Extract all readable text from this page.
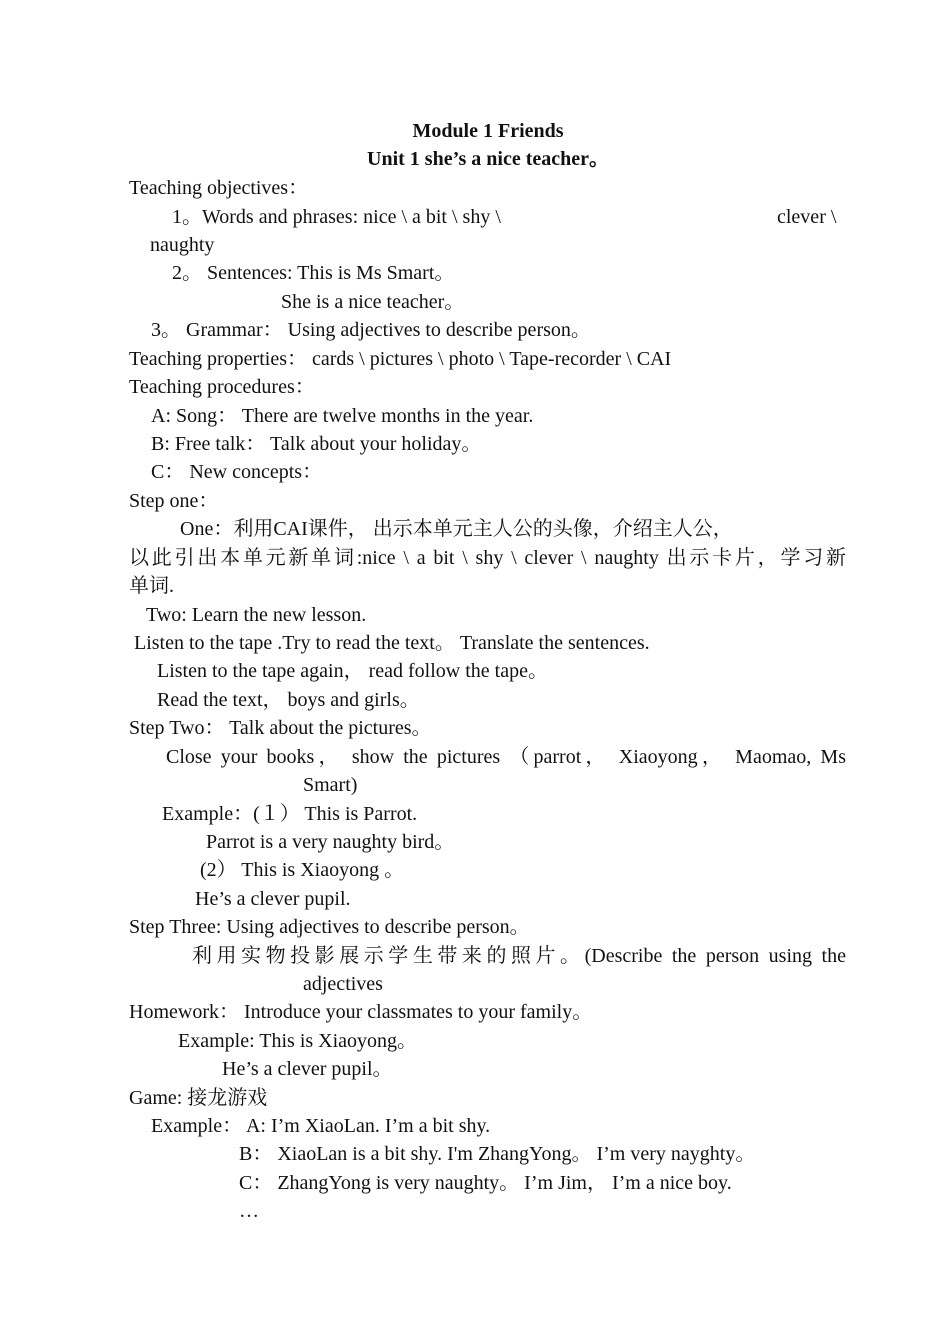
Module 1 Friends
Unit 1 she’s a nice teacher。
Teaching objectives：
1。Words and phrases: nice \ a bit \ shy \	clever \
naughty
2。 Sentences: This is Ms Smart。
She is a nice teacher。
3。 Grammar： Using adjectives to describe person。
Teaching properties： cards \ pictures \ photo \ Tape-recorder \ CAI
Teaching procedures：
A: Song： There are twelve months in the year.
B: Free talk： Talk about your holiday。
C： New concepts：
Step one：
One：利用CAI课件， 出示本单元主人公的头像，介绍主人公，
以此引出本单元新单词:nice \ a bit \ shy \ clever \ naughty 出示卡片，学习新
单词.
Two: Learn the new lesson.
Listen to the tape .Try to read the text。 Translate the sentences.
Listen to the tape again， read follow the tape。
Read the text， boys and girls。
Step Two： Talk about the pictures。
Close your books， show the pictures （parrot， Xiaoyong， Maomao, Ms
Smart)
Example：(１） This is Parrot.
Parrot is a very naughty bird。
(2） This is Xiaoyong 。
He’s a clever pupil.
Step Three: Using adjectives to describe person。
利用实物投影展示学生带来的照片。(Describe the person using the
adjectives
Homework： Introduce your classmates to your family。
Example: This is Xiaoyong。
He’s a clever pupil。
Game: 接龙游戏
Example： A: I’m XiaoLan. I’m a bit shy.
B： XiaoLan is a bit shy. I'm ZhangYong。 I’m very nayghty。
C： ZhangYong is very naughty。 I’m Jim， I’m a nice boy.
…
